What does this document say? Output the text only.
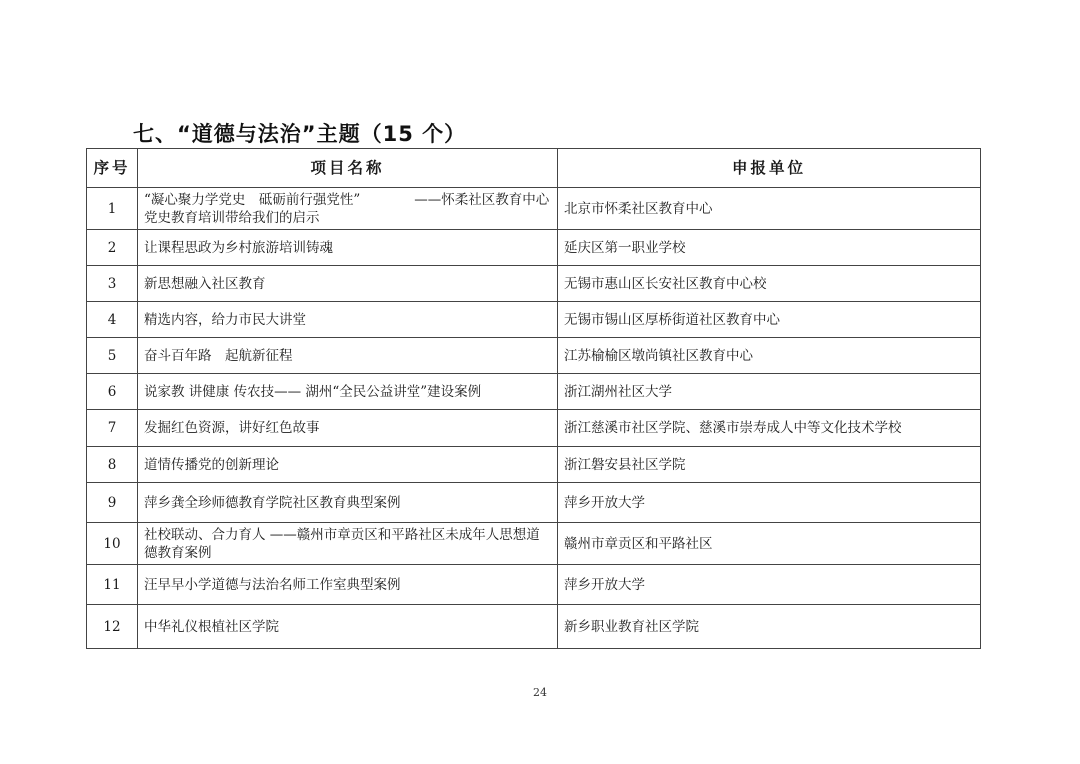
七、“道德与法治”主题（15 个）
序号	项目名称	申报单位
1	“凝心聚力学党史　砥砺前行强党性”　　　　——怀柔社区教育中心党史教育培训带给我们的启示	北京市怀柔社区教育中心
2	让课程思政为乡村旅游培训铸魂	延庆区第一职业学校
3	新思想融入社区教育	无锡市惠山区长安社区教育中心校
4	精选内容，给力市民大讲堂	无锡市锡山区厚桥街道社区教育中心
5	奋斗百年路　起航新征程	江苏榆榆区墩尚镇社区教育中心
6	说家教 讲健康 传农技—— 湖州“全民公益讲堂”建设案例	浙江湖州社区大学
7	发掘红色资源，讲好红色故事	浙江慈溪市社区学院、慈溪市崇寿成人中等文化技术学校
8	道情传播党的创新理论	浙江磐安县社区学院
9	萍乡龚全珍师德教育学院社区教育典型案例	萍乡开放大学
10	社校联动、合力育人 ——赣州市章贡区和平路社区未成年人思想道德教育案例	赣州市章贡区和平路社区
11	汪早早小学道德与法治名师工作室典型案例	萍乡开放大学
12	中华礼仪根植社区学院	新乡职业教育社区学院
24
